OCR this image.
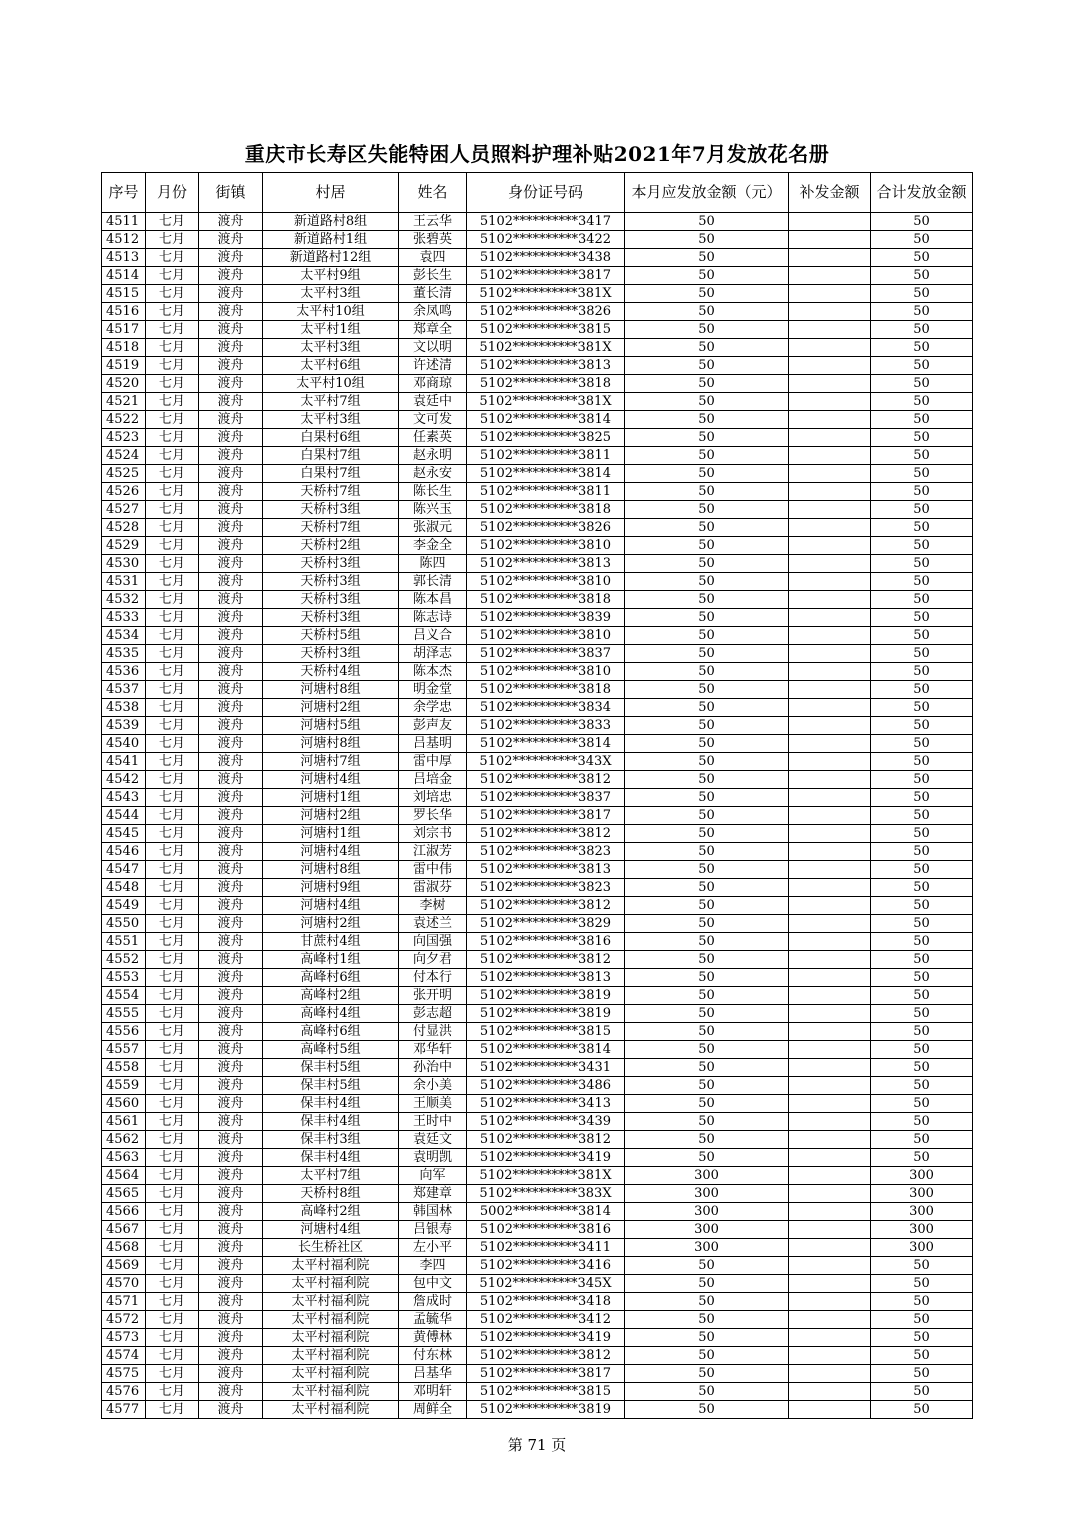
重庆市长寿区失能特困人员照料护理补贴2021年7月发放花名册
序号	月份	街镇	村居	姓名	身份证号码	本月应发放金额（元）	补发金额	合计发放金额
4511	七月	渡舟	新道路村8组	王云华	5102**********3417	50		50
4512	七月	渡舟	新道路村1组	张碧英	5102**********3422	50		50
4513	七月	渡舟	新道路村12组	袁四	5102**********3438	50		50
4514	七月	渡舟	太平村9组	彭长生	5102**********3817	50		50
4515	七月	渡舟	太平村3组	董长清	5102**********381X	50		50
4516	七月	渡舟	太平村10组	余凤鸣	5102**********3826	50		50
4517	七月	渡舟	太平村1组	郑章全	5102**********3815	50		50
4518	七月	渡舟	太平村3组	文以明	5102**********381X	50		50
4519	七月	渡舟	太平村6组	许述清	5102**********3813	50		50
4520	七月	渡舟	太平村10组	邓商琼	5102**********3818	50		50
4521	七月	渡舟	太平村7组	袁廷中	5102**********381X	50		50
4522	七月	渡舟	太平村3组	文可发	5102**********3814	50		50
4523	七月	渡舟	白果村6组	任素英	5102**********3825	50		50
4524	七月	渡舟	白果村7组	赵永明	5102**********3811	50		50
4525	七月	渡舟	白果村7组	赵永安	5102**********3814	50		50
4526	七月	渡舟	天桥村7组	陈长生	5102**********3811	50		50
4527	七月	渡舟	天桥村3组	陈兴玉	5102**********3818	50		50
4528	七月	渡舟	天桥村7组	张淑元	5102**********3826	50		50
4529	七月	渡舟	天桥村2组	李金全	5102**********3810	50		50
4530	七月	渡舟	天桥村3组	陈四	5102**********3813	50		50
4531	七月	渡舟	天桥村3组	郭长清	5102**********3810	50		50
4532	七月	渡舟	天桥村3组	陈本昌	5102**********3818	50		50
4533	七月	渡舟	天桥村3组	陈志诗	5102**********3839	50		50
4534	七月	渡舟	天桥村5组	吕义合	5102**********3810	50		50
4535	七月	渡舟	天桥村3组	胡泽志	5102**********3837	50		50
4536	七月	渡舟	天桥村4组	陈本杰	5102**********3810	50		50
4537	七月	渡舟	河塘村8组	明金堂	5102**********3818	50		50
4538	七月	渡舟	河塘村2组	余学忠	5102**********3834	50		50
4539	七月	渡舟	河塘村5组	彭声友	5102**********3833	50		50
4540	七月	渡舟	河塘村8组	吕基明	5102**********3814	50		50
4541	七月	渡舟	河塘村7组	雷中厚	5102**********343X	50		50
4542	七月	渡舟	河塘村4组	吕培金	5102**********3812	50		50
4543	七月	渡舟	河塘村1组	刘培忠	5102**********3837	50		50
4544	七月	渡舟	河塘村2组	罗长华	5102**********3817	50		50
4545	七月	渡舟	河塘村1组	刘宗书	5102**********3812	50		50
4546	七月	渡舟	河塘村4组	江淑芳	5102**********3823	50		50
4547	七月	渡舟	河塘村8组	雷中伟	5102**********3813	50		50
4548	七月	渡舟	河塘村9组	雷淑芬	5102**********3823	50		50
4549	七月	渡舟	河塘村4组	李树	5102**********3812	50		50
4550	七月	渡舟	河塘村2组	袁述兰	5102**********3829	50		50
4551	七月	渡舟	甘蔗村4组	向国强	5102**********3816	50		50
4552	七月	渡舟	高峰村1组	向夕君	5102**********3812	50		50
4553	七月	渡舟	高峰村6组	付本行	5102**********3813	50		50
4554	七月	渡舟	高峰村2组	张开明	5102**********3819	50		50
4555	七月	渡舟	高峰村4组	彭志超	5102**********3819	50		50
4556	七月	渡舟	高峰村6组	付显洪	5102**********3815	50		50
4557	七月	渡舟	高峰村5组	邓华轩	5102**********3814	50		50
4558	七月	渡舟	保丰村5组	孙治中	5102**********3431	50		50
4559	七月	渡舟	保丰村5组	余小美	5102**********3486	50		50
4560	七月	渡舟	保丰村4组	王顺美	5102**********3413	50		50
4561	七月	渡舟	保丰村4组	王时中	5102**********3439	50		50
4562	七月	渡舟	保丰村3组	袁廷文	5102**********3812	50		50
4563	七月	渡舟	保丰村4组	袁明凯	5102**********3419	50		50
4564	七月	渡舟	太平村7组	向军	5102**********381X	300		300
4565	七月	渡舟	天桥村8组	郑建章	5102**********383X	300		300
4566	七月	渡舟	高峰村2组	韩国林	5002**********3814	300		300
4567	七月	渡舟	河塘村4组	吕银寿	5102**********3816	300		300
4568	七月	渡舟	长生桥社区	左小平	5102**********3411	300		300
4569	七月	渡舟	太平村福利院	李四	5102**********3416	50		50
4570	七月	渡舟	太平村福利院	包中文	5102**********345X	50		50
4571	七月	渡舟	太平村福利院	詹成时	5102**********3418	50		50
4572	七月	渡舟	太平村福利院	孟毓华	5102**********3412	50		50
4573	七月	渡舟	太平村福利院	黄傅林	5102**********3419	50		50
4574	七月	渡舟	太平村福利院	付东林	5102**********3812	50		50
4575	七月	渡舟	太平村福利院	吕基华	5102**********3817	50		50
4576	七月	渡舟	太平村福利院	邓明轩	5102**********3815	50		50
4577	七月	渡舟	太平村福利院	周鲜全	5102**********3819	50		50
第 71 页
